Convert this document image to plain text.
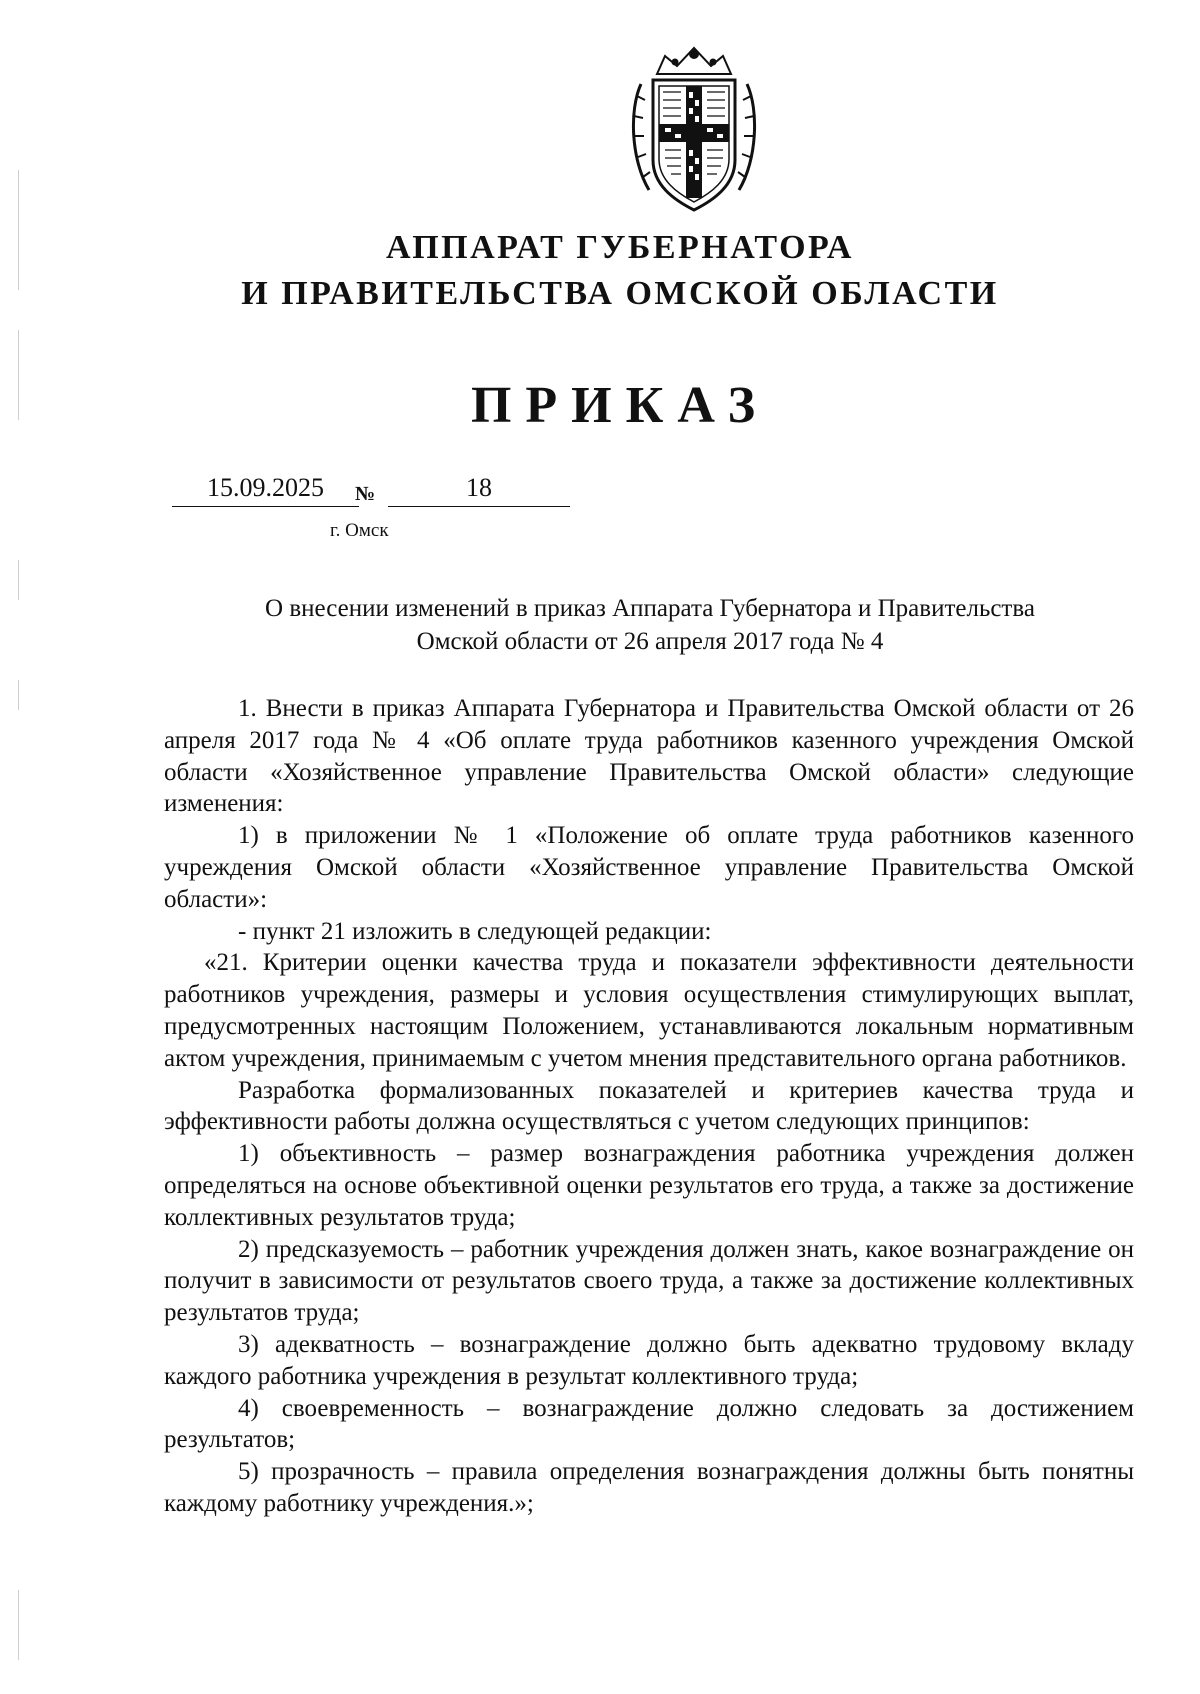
АППАРАТ ГУБЕРНАТОРА
И ПРАВИТЕЛЬСТВА ОМСКОЙ ОБЛАСТИ
ПРИКАЗ
15.09.2025	№	18
г. Омск
О внесении изменений в приказ Аппарата Губернатора и Правительства
Омской области от 26 апреля 2017 года № 4

1. Внести в приказ Аппарата Губернатора и Правительства Омской области от 26 апреля 2017 года № 4 «Об оплате труда работников казенного учреждения Омской области «Хозяйственное управление Правительства Омской области» следующие изменения:

1) в приложении № 1 «Положение об оплате труда работников казенного учреждения Омской области «Хозяйственное управление Правительства Омской области»:

- пункт 21 изложить в следующей редакции:

«21. Критерии оценки качества труда и показатели эффективности деятельности работников учреждения, размеры и условия осуществления стимулирующих выплат, предусмотренных настоящим Положением, устанавливаются локальным нормативным актом учреждения, принимаемым с учетом мнения представительного органа работников.

Разработка формализованных показателей и критериев качества труда и эффективности работы должна осуществляться с учетом следующих принципов:

1) объективность – размер вознаграждения работника учреждения должен определяться на основе объективной оценки результатов его труда, а также за достижение коллективных результатов труда;

2) предсказуемость – работник учреждения должен знать, какое вознаграждение он получит в зависимости от результатов своего труда, а также за достижение коллективных результатов труда;

3) адекватность – вознаграждение должно быть адекватно трудовому вкладу каждого работника учреждения в результат коллективного труда;

4) своевременность – вознаграждение должно следовать за достижением результатов;

5) прозрачность – правила определения вознаграждения должны быть понятны каждому работнику учреждения.»;
